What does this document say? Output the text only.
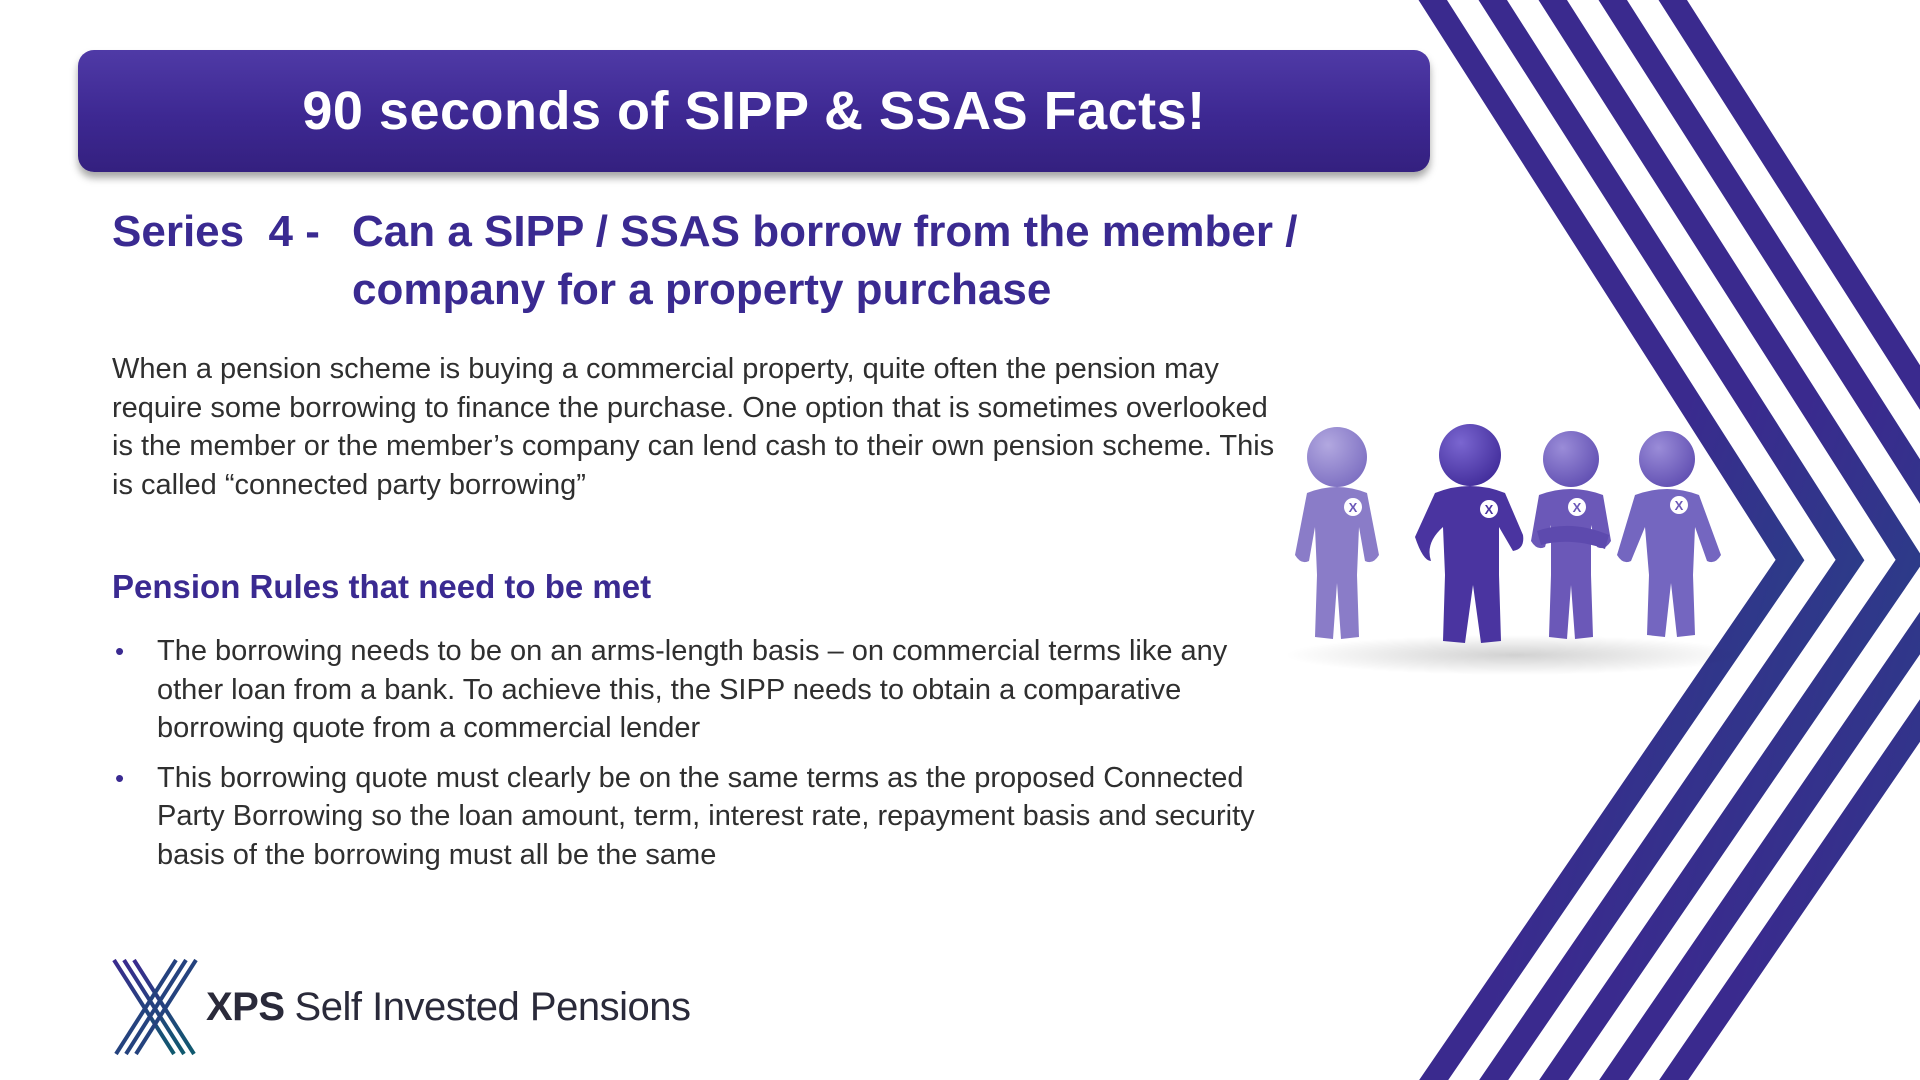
90 seconds of SIPP & SSAS Facts!
Series  4 - Can a SIPP / SSAS borrow from the member / company for a property purchase

When a pension scheme is buying a commercial property, quite often the pension may require some borrowing to finance the purchase. One option that is sometimes overlooked is the member or the member’s company can lend cash to their own pension scheme. This is called “connected party borrowing”

Pension Rules that need to be met
• The borrowing needs to be on an arms-length basis – on commercial terms like any other loan from a bank. To achieve this, the SIPP needs to obtain a comparative borrowing quote from a commercial lender
• This borrowing quote must clearly be on the same terms as the proposed Connected Party Borrowing so the loan amount, term, interest rate, repayment basis and security basis of the borrowing must all be the same
X	X	X	X
XPS Self Invested Pensions
